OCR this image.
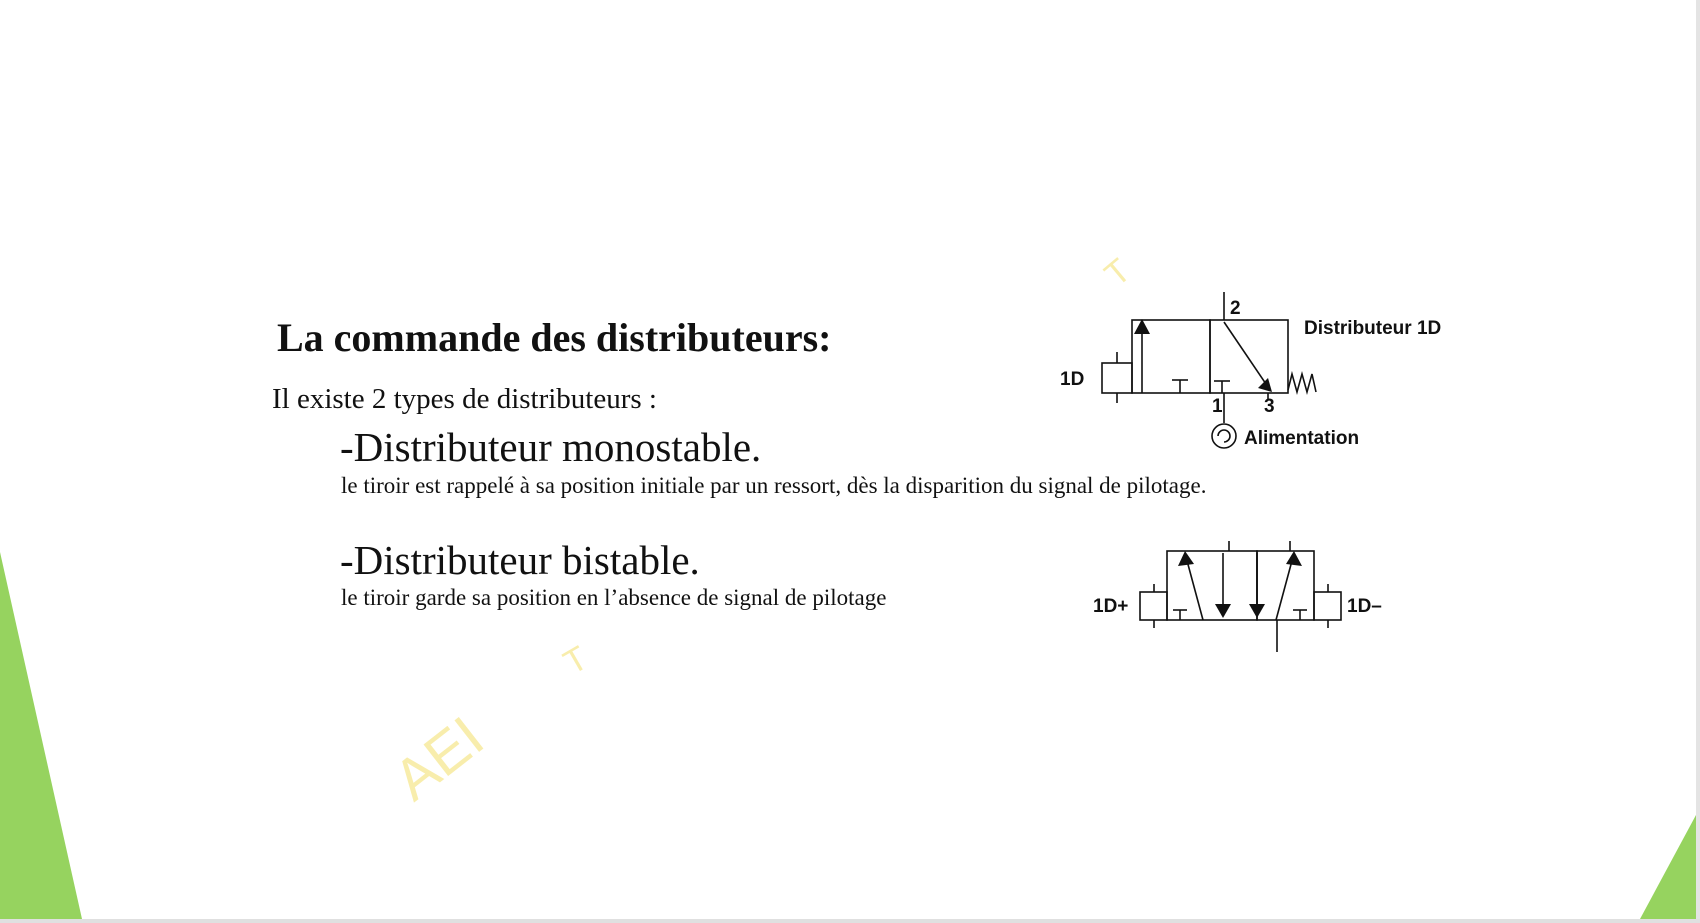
AEI
T
T
La commande des distributeurs:
Il existe 2 types de distributeurs :
-Distributeur monostable.
le tiroir est rappelé à sa position initiale par un ressort, dès la disparition du signal de pilotage.
-Distributeur bistable.
le tiroir garde sa position en l’absence de signal de pilotage
1D
2
1 3
Distributeur 1D
Alimentation
1D+	1D–
